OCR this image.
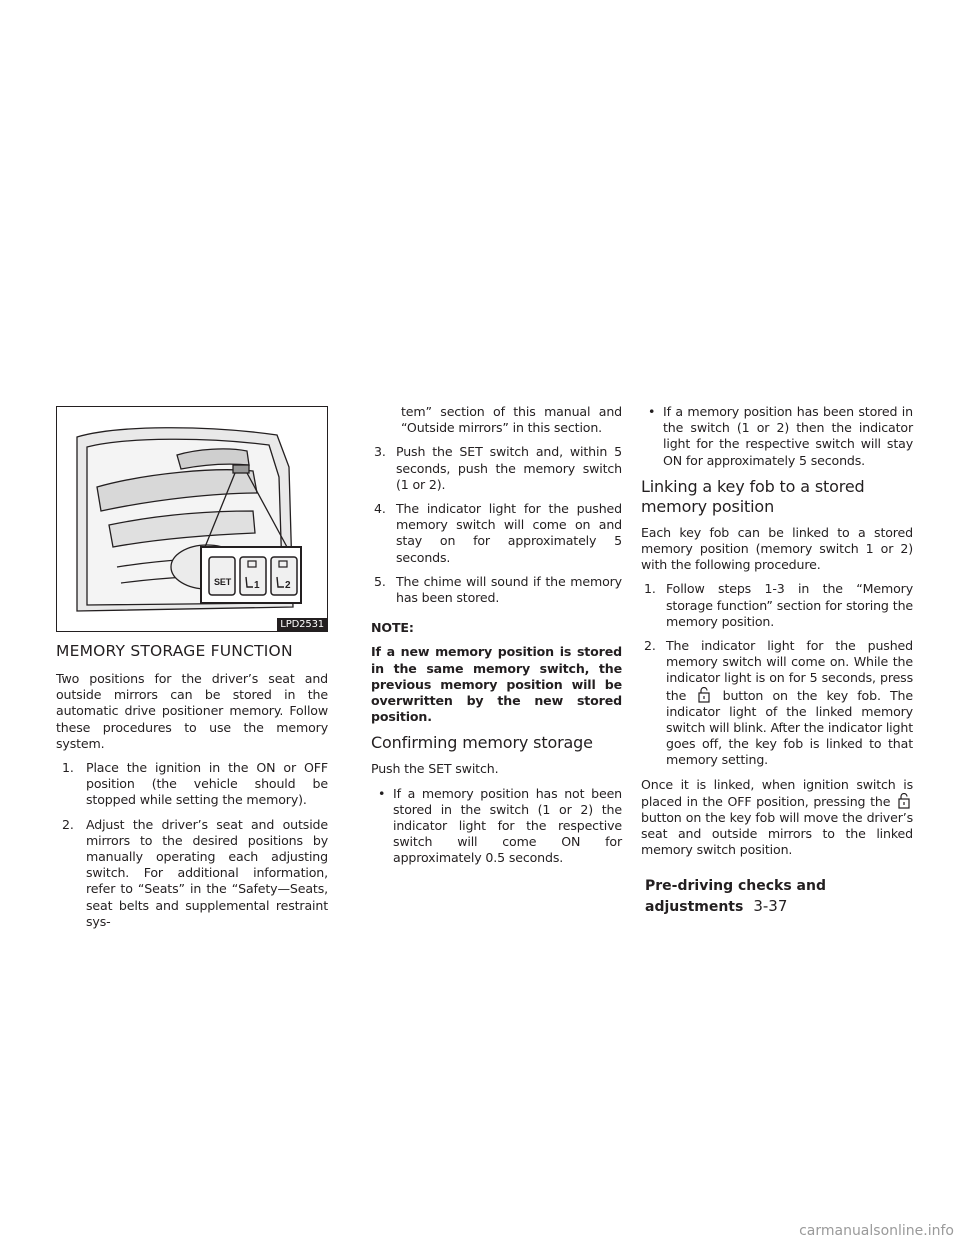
SET 1	2
LPD2531
MEMORY STORAGE FUNCTION

Two positions for the driver’s seat and outside mirrors can be stored in the automatic drive positioner memory. Follow these procedures to use the memory system.

1. Place the ignition in the ON or OFF position (the vehicle should be stopped while setting the memory).
2. Adjust the driver’s seat and outside mirrors to the desired positions by manually operating each adjusting switch. For additional information, refer to “Seats” in the “Safety—Seats, seat belts and supplemental restraint sys-

tem” section of this manual and “Outside mirrors” in this section.

3. Push the SET switch and, within 5 seconds, push the memory switch (1 or 2).
4. The indicator light for the pushed memory switch will come on and stay on for approximately 5 seconds.
5. The chime will sound if the memory has been stored.
NOTE:

If a new memory position is stored in the same memory switch, the previous memory position will be overwritten by the new stored position.

Confirming memory storage

Push the SET switch.

• If a memory position has not been stored in the switch (1 or 2) the indicator light for the respective switch will come ON for approximately 0.5 seconds.
• If a memory position has been stored in the switch (1 or 2) then the indicator light for the respective switch will stay ON for approximately 5 seconds.
Linking a key fob to a stored memory position

Each key fob can be linked to a stored memory position (memory switch 1 or 2) with the following procedure.

1. Follow steps 1-3 in the “Memory storage function” section for storing the memory position.
2. The indicator light for the pushed memory switch will come on. While the indicator light is on for 5 seconds, press the	button on the key fob. The indicator light of the linked memory switch will blink. After the indicator light goes off, the key fob is linked to that memory setting.

Once it is linked, when ignition switch is placed in the OFF position, pressing the  button on the key fob will move the driver’s seat and outside mirrors to the linked memory switch position.

Pre-driving checks and adjustments 3-37
carmanualsonline.info
